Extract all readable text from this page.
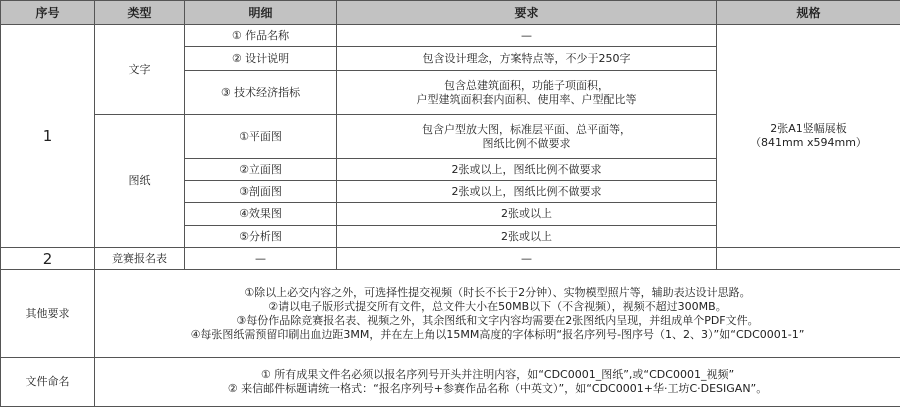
序号	类型	明细	要求	规格
1	文字	① 作品名称	—	2张A1竖幅展板
（841mm x594mm）

		② 设计说明	包含设计理念，方案特点等，不少于250字	
		③ 技术经济指标	包含总建筑面积，功能子项面积，
户型建筑面积套内面积、使用率、户型配比等	

	图纸	①平面图	包含户型放大图，标准层平面、总平面等，
图纸比例不做要求	

		②立面图	2张或以上，图纸比例不做要求	
		③剖面图	2张或以上，图纸比例不做要求	
		④效果图	2张或以上	
		⑤分析图	2张或以上	
2	竞赛报名表	—	—	
其他要求	①除以上必交内容之外，可选择性提交视频（时长不长于2分钟）、实物模型照片等，辅助表达设计思路。
②请以电子版形式提交所有文件，总文件大小在50MB以下（不含视频），视频不超过300MB。
③每份作品除竞赛报名表、视频之外，其余图纸和文字内容均需要在2张图纸内呈现，并组成单个PDF文件。
④每张图纸需预留印刷出血边距3MM，并在左上角以15MM高度的字体标明“报名序列号-图序号（1、2、3）”如“CDC0001-1”			

文件命名	① 所有成果文件名必须以报名序列号开头并注明内容，如“CDC0001_图纸”,或“CDC0001_视频”
② 来信邮件标题请统一格式：“报名序列号+参赛作品名称（中英文）”，如“CDC0001+华·工坊C·DESIGAN”。			
